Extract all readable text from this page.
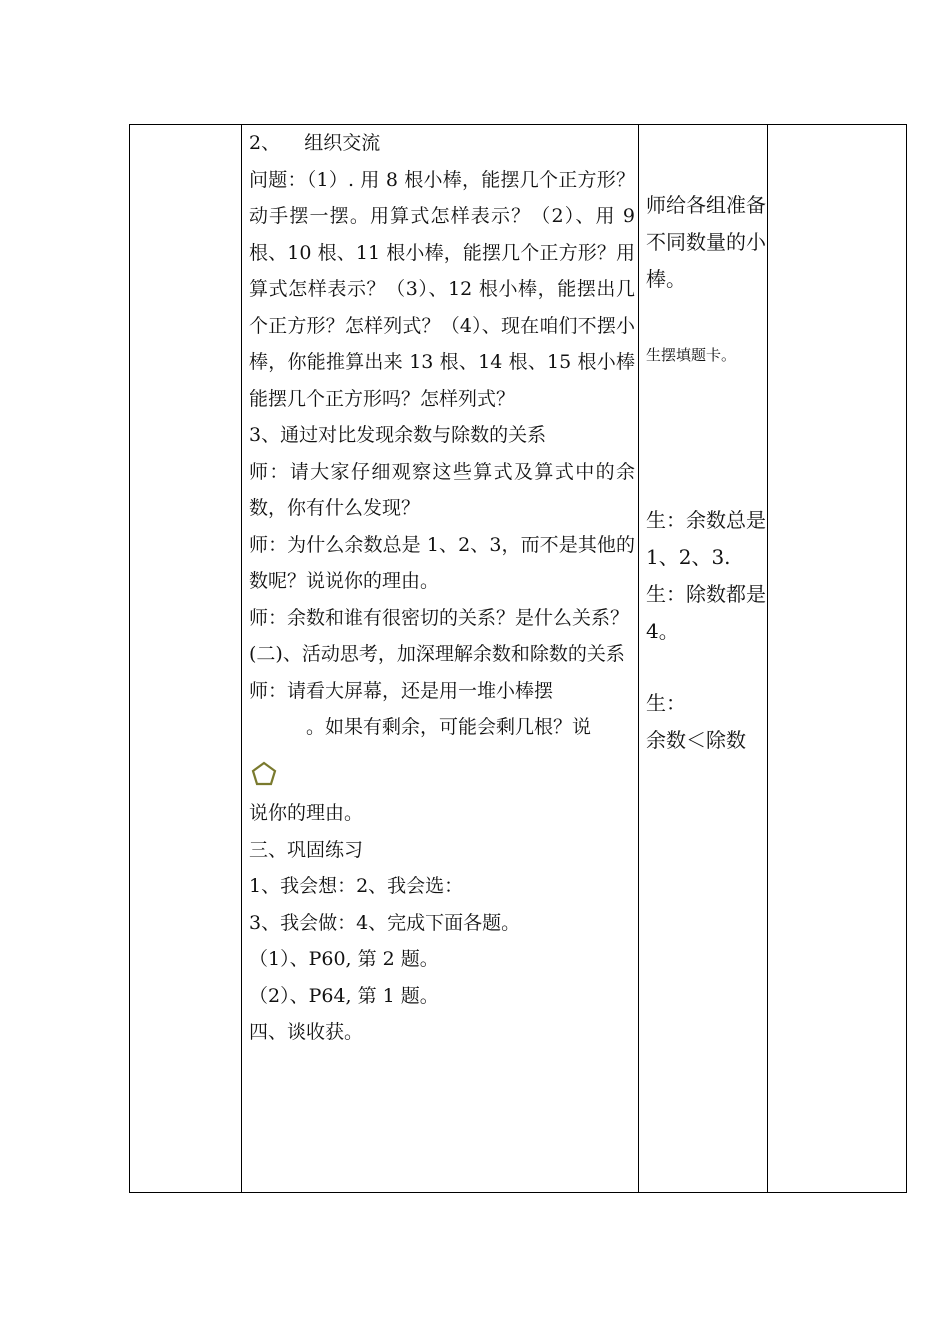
2、    组织交流

问题：（1）. 用 8 根小棒，能摆几个正方形？动手摆一摆。用算式怎样表示？（2）、用 9 根、10 根、11 根小棒，能摆几个正方形？用算式怎样表示？（3）、12 根小棒，能摆出几个正方形？怎样列式？（4）、现在咱们不摆小棒，你能推算出来 13 根、14 根、15 根小棒能摆几个正方形吗？怎样列式？

3、通过对比发现余数与除数的关系

师：请大家仔细观察这些算式及算式中的余数，你有什么发现？

师：为什么余数总是 1、2、3，而不是其他的数呢？说说你的理由。

师：余数和谁有很密切的关系？是什么关系？

(二)、活动思考，加深理解余数和除数的关系

师：请看大屏幕，还是用一堆小棒摆

。如果有剩余，可能会剩几根？说

说你的理由。

三、巩固练习

1、我会想：2、我会选：

3、我会做：4、完成下面各题。

（1）、P60, 第 2 题。

（2）、P64, 第 1 题。

四、谈收获。

师给各组准备不同数量的小棒。

生摆填题卡。

生：余数总是 1、2、3.

生：除数都是 4。

生：

余数＜除数
